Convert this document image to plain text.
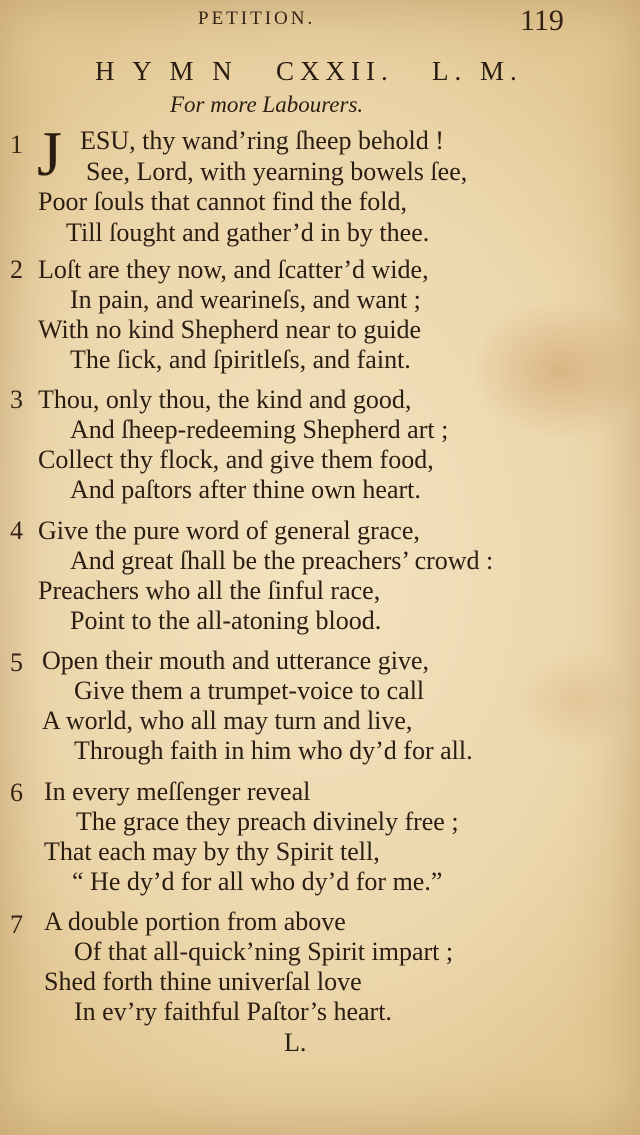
PETITION.	119
H Y M N   CXXII.   L. M.
For more Labourers.
1 J ESU, thy wand’ring ſheep behold !
See, Lord, with yearning bowels ſee,
Poor ſouls that cannot find the fold,
Till ſought and gather’d in by thee.
2 Loſt are they now, and ſcatter’d wide,
In pain, and wearineſs, and want ;
With no kind Shepherd near to guide
The ſick, and ſpiritleſs, and faint.
3 Thou, only thou, the kind and good,
And ſheep-redeeming Shepherd art ;
Collect thy flock, and give them food,
And paſtors after thine own heart.
4 Give the pure word of general grace,
And great ſhall be the preachers’ crowd :
Preachers who all the ſinful race,
Point to the all-atoning blood.
5 Open their mouth and utterance give,
Give them a trumpet-voice to call
A world, who all may turn and live,
Through faith in him who dy’d for all.
6 In every meſſenger reveal
The grace they preach divinely free ;
That each may by thy Spirit tell,
“ He dy’d for all who dy’d for me.”
7 A double portion from above
Of that all-quick’ning Spirit impart ;
Shed forth thine univerſal love
In ev’ry faithful Paſtor’s heart.
L.
